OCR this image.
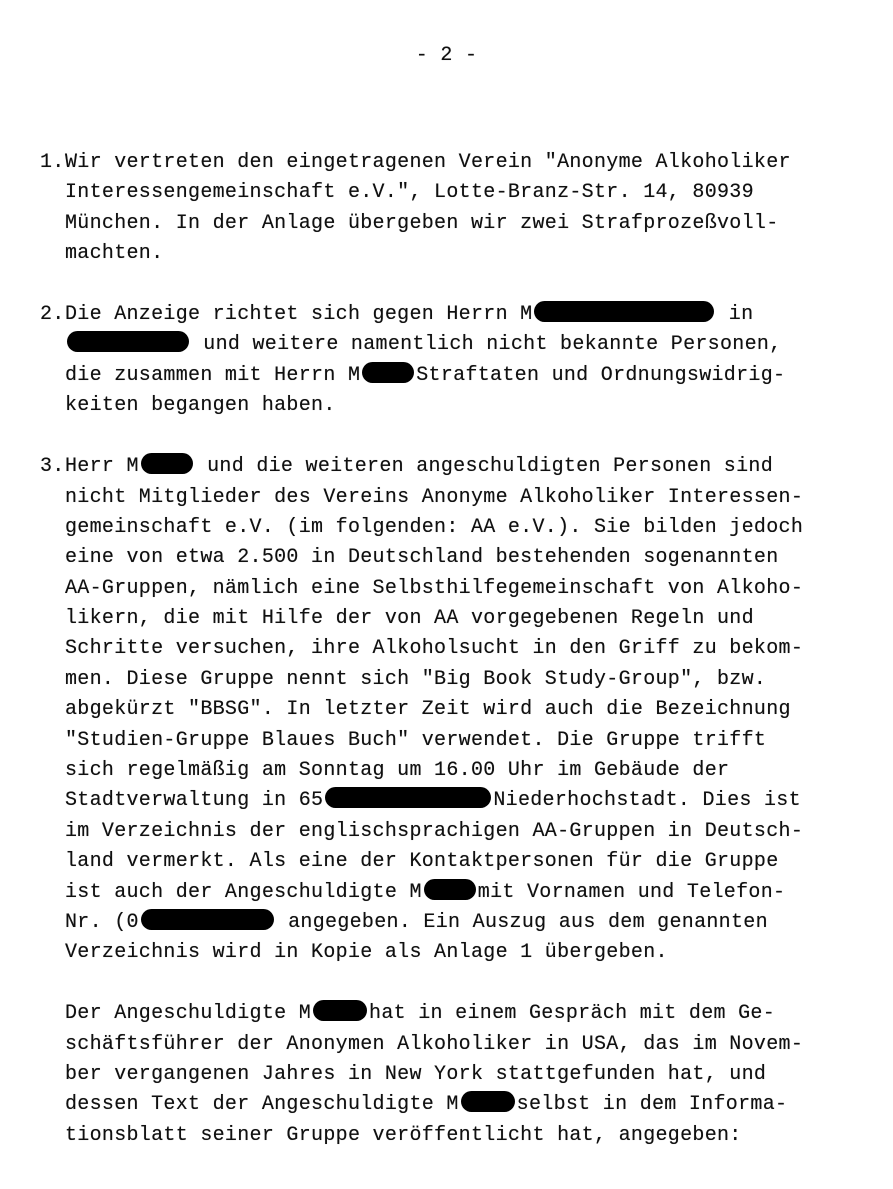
- 2 -
1. Wir vertreten den eingetragenen Verein "Anonyme Alkoholiker
Interessengemeinschaft e.V.", Lotte-Branz-Str. 14, 80939
München. In der Anlage übergeben wir zwei Strafprozeßvoll-
machten.
2. Die Anzeige richtet sich gegen Herrn M	in
und weitere namentlich nicht bekannte Personen,
die zusammen mit Herrn M	Straftaten und Ordnungswidrig-
keiten begangen haben.
3. Herr M	und die weiteren angeschuldigten Personen sind
nicht Mitglieder des Vereins Anonyme Alkoholiker Interessen-
gemeinschaft e.V. (im folgenden: AA e.V.). Sie bilden jedoch
eine von etwa 2.500 in Deutschland bestehenden sogenannten
AA-Gruppen, nämlich eine Selbsthilfegemeinschaft von Alkoho-
likern, die mit Hilfe der von AA vorgegebenen Regeln und
Schritte versuchen, ihre Alkoholsucht in den Griff zu bekom-
men. Diese Gruppe nennt sich "Big Book Study-Group", bzw.
abgekürzt "BBSG". In letzter Zeit wird auch die Bezeichnung
"Studien-Gruppe Blaues Buch" verwendet. Die Gruppe trifft
sich regelmäßig am Sonntag um 16.00 Uhr im Gebäude der
Stadtverwaltung in 65	Niederhochstadt. Dies ist
im Verzeichnis der englischsprachigen AA-Gruppen in Deutsch-
land vermerkt. Als eine der Kontaktpersonen für die Gruppe
ist auch der Angeschuldigte M	mit Vornamen und Telefon-
Nr. (0	angegeben. Ein Auszug aus dem genannten
Verzeichnis wird in Kopie als Anlage 1 übergeben.
Der Angeschuldigte M	hat in einem Gespräch mit dem Ge-
schäftsführer der Anonymen Alkoholiker in USA, das im Novem-
ber vergangenen Jahres in New York stattgefunden hat, und
dessen Text der Angeschuldigte M	selbst in dem Informa-
tionsblatt seiner Gruppe veröffentlicht hat, angegeben:
